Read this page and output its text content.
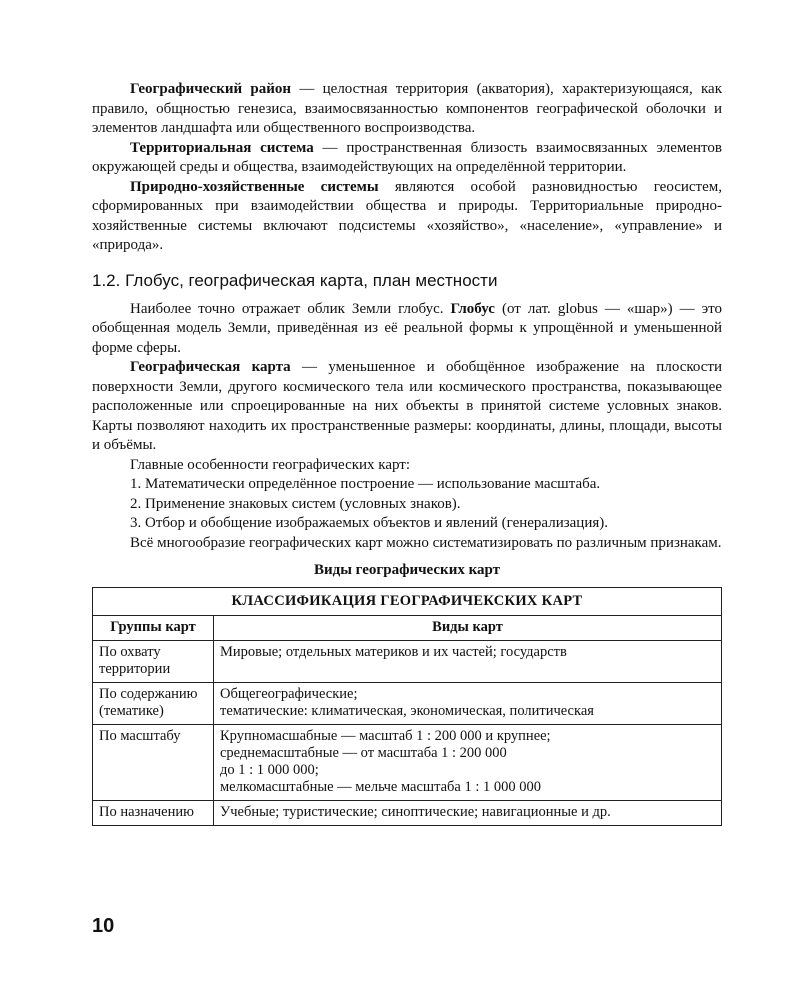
Географический район — целостная территория (акватория), характеризующаяся, как правило, общностью генезиса, взаимосвязанностью компонентов географической оболочки и элементов ландшафта или общественного воспроизводства.

Территориальная система — пространственная близость взаимосвязанных элементов окружающей среды и общества, взаимодействующих на определённой территории.

Природно-хозяйственные системы являются особой разновидностью геосистем, сформированных при взаимодействии общества и природы. Территориальные природно-хозяйственные системы включают подсистемы «хозяйство», «население», «управление» и «природа».

1.2. Глобус, географическая карта, план местности

Наиболее точно отражает облик Земли глобус. Глобус (от лат. globus — «шар») — это обобщенная модель Земли, приведённая из её реальной формы к упрощённой и уменьшенной форме сферы.

Географическая карта — уменьшенное и обобщённое изображение на плоскости поверхности Земли, другого космического тела или космического пространства, показывающее расположенные или спроецированные на них объекты в принятой системе условных знаков. Карты позволяют находить их пространственные размеры: координаты, длины, площади, высоты и объёмы.

Главные особенности географических карт:

1. Математически определённое построение — использование масштаба.

2. Применение знаковых систем (условных знаков).

3. Отбор и обобщение изображаемых объектов и явлений (генерализация).

Всё многообразие географических карт можно систематизировать по различным признакам.

Виды географических карт
КЛАССИФИКАЦИЯ ГЕОГРАФИЧЕКСКИХ КАРТ	
Группы карт	Виды карт
По охвату территории	Мировые; отдельных материков и их частей; государств

По содержанию (тематике)	Общегеографические;
тематические: климатическая, экономическая, политическая

По масштабу	Крупномасшабные — масштаб 1 : 200 000 и крупнее;
среднемасштабные — от масштаба 1 : 200 000
до 1 : 1 000 000;
мелкомасштабные — мельче масштаба 1 : 1 000 000

По назначению	Учебные; туристические; синоптические; навигационные и др.
10
